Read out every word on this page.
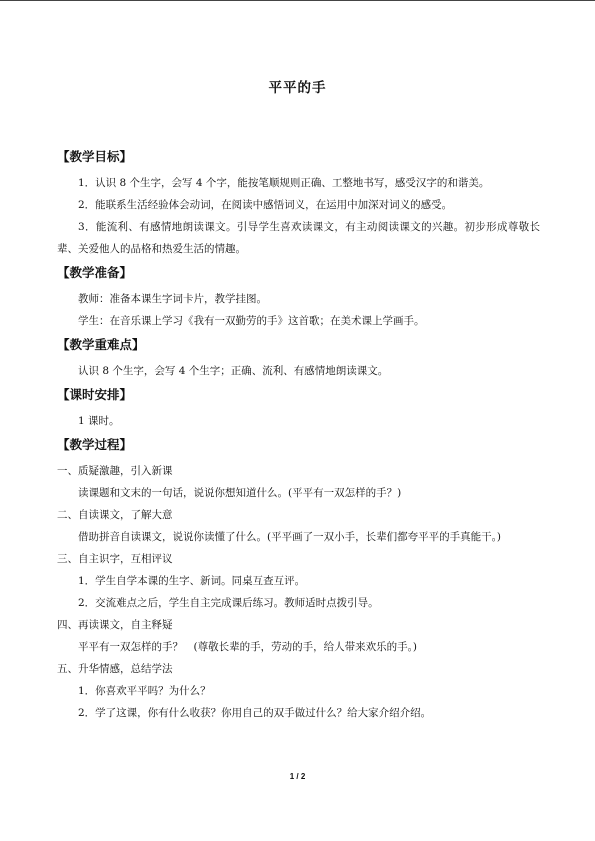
平平的手
【教学目标】

1．认识 8 个生字，会写 4 个字，能按笔顺规则正确、工整地书写，感受汉字的和谐美。

2．能联系生活经验体会动词，在阅读中感悟词义，在运用中加深对词义的感受。

3．能流利、有感情地朗读课文。引导学生喜欢读课文，有主动阅读课文的兴趣。初步形成尊敬长辈、关爱他人的品格和热爱生活的情趣。

【教学准备】

教师：准备本课生字词卡片，教学挂图。

学生：在音乐课上学习《我有一双勤劳的手》这首歌；在美术课上学画手。

【教学重难点】

认识 8 个生字，会写 4 个生字；正确、流利、有感情地朗读课文。

【课时安排】

1 课时。

【教学过程】

一、质疑激趣，引入新课

读课题和文末的一句话，说说你想知道什么。(平平有一双怎样的手？)

二、自读课文，了解大意

借助拼音自读课文，说说你读懂了什么。(平平画了一双小手，长辈们都夸平平的手真能干。)

三、自主识字，互相评议

1．学生自学本课的生字、新词。同桌互查互评。

2．交流难点之后，学生自主完成课后练习。教师适时点拨引导。

四、再读课文，自主释疑

平平有一双怎样的手？　(尊敬长辈的手，劳动的手，给人带来欢乐的手。)

五、升华情感，总结学法

1．你喜欢平平吗？为什么？

2．学了这课，你有什么收获？你用自己的双手做过什么？给大家介绍介绍。

1 / 2
